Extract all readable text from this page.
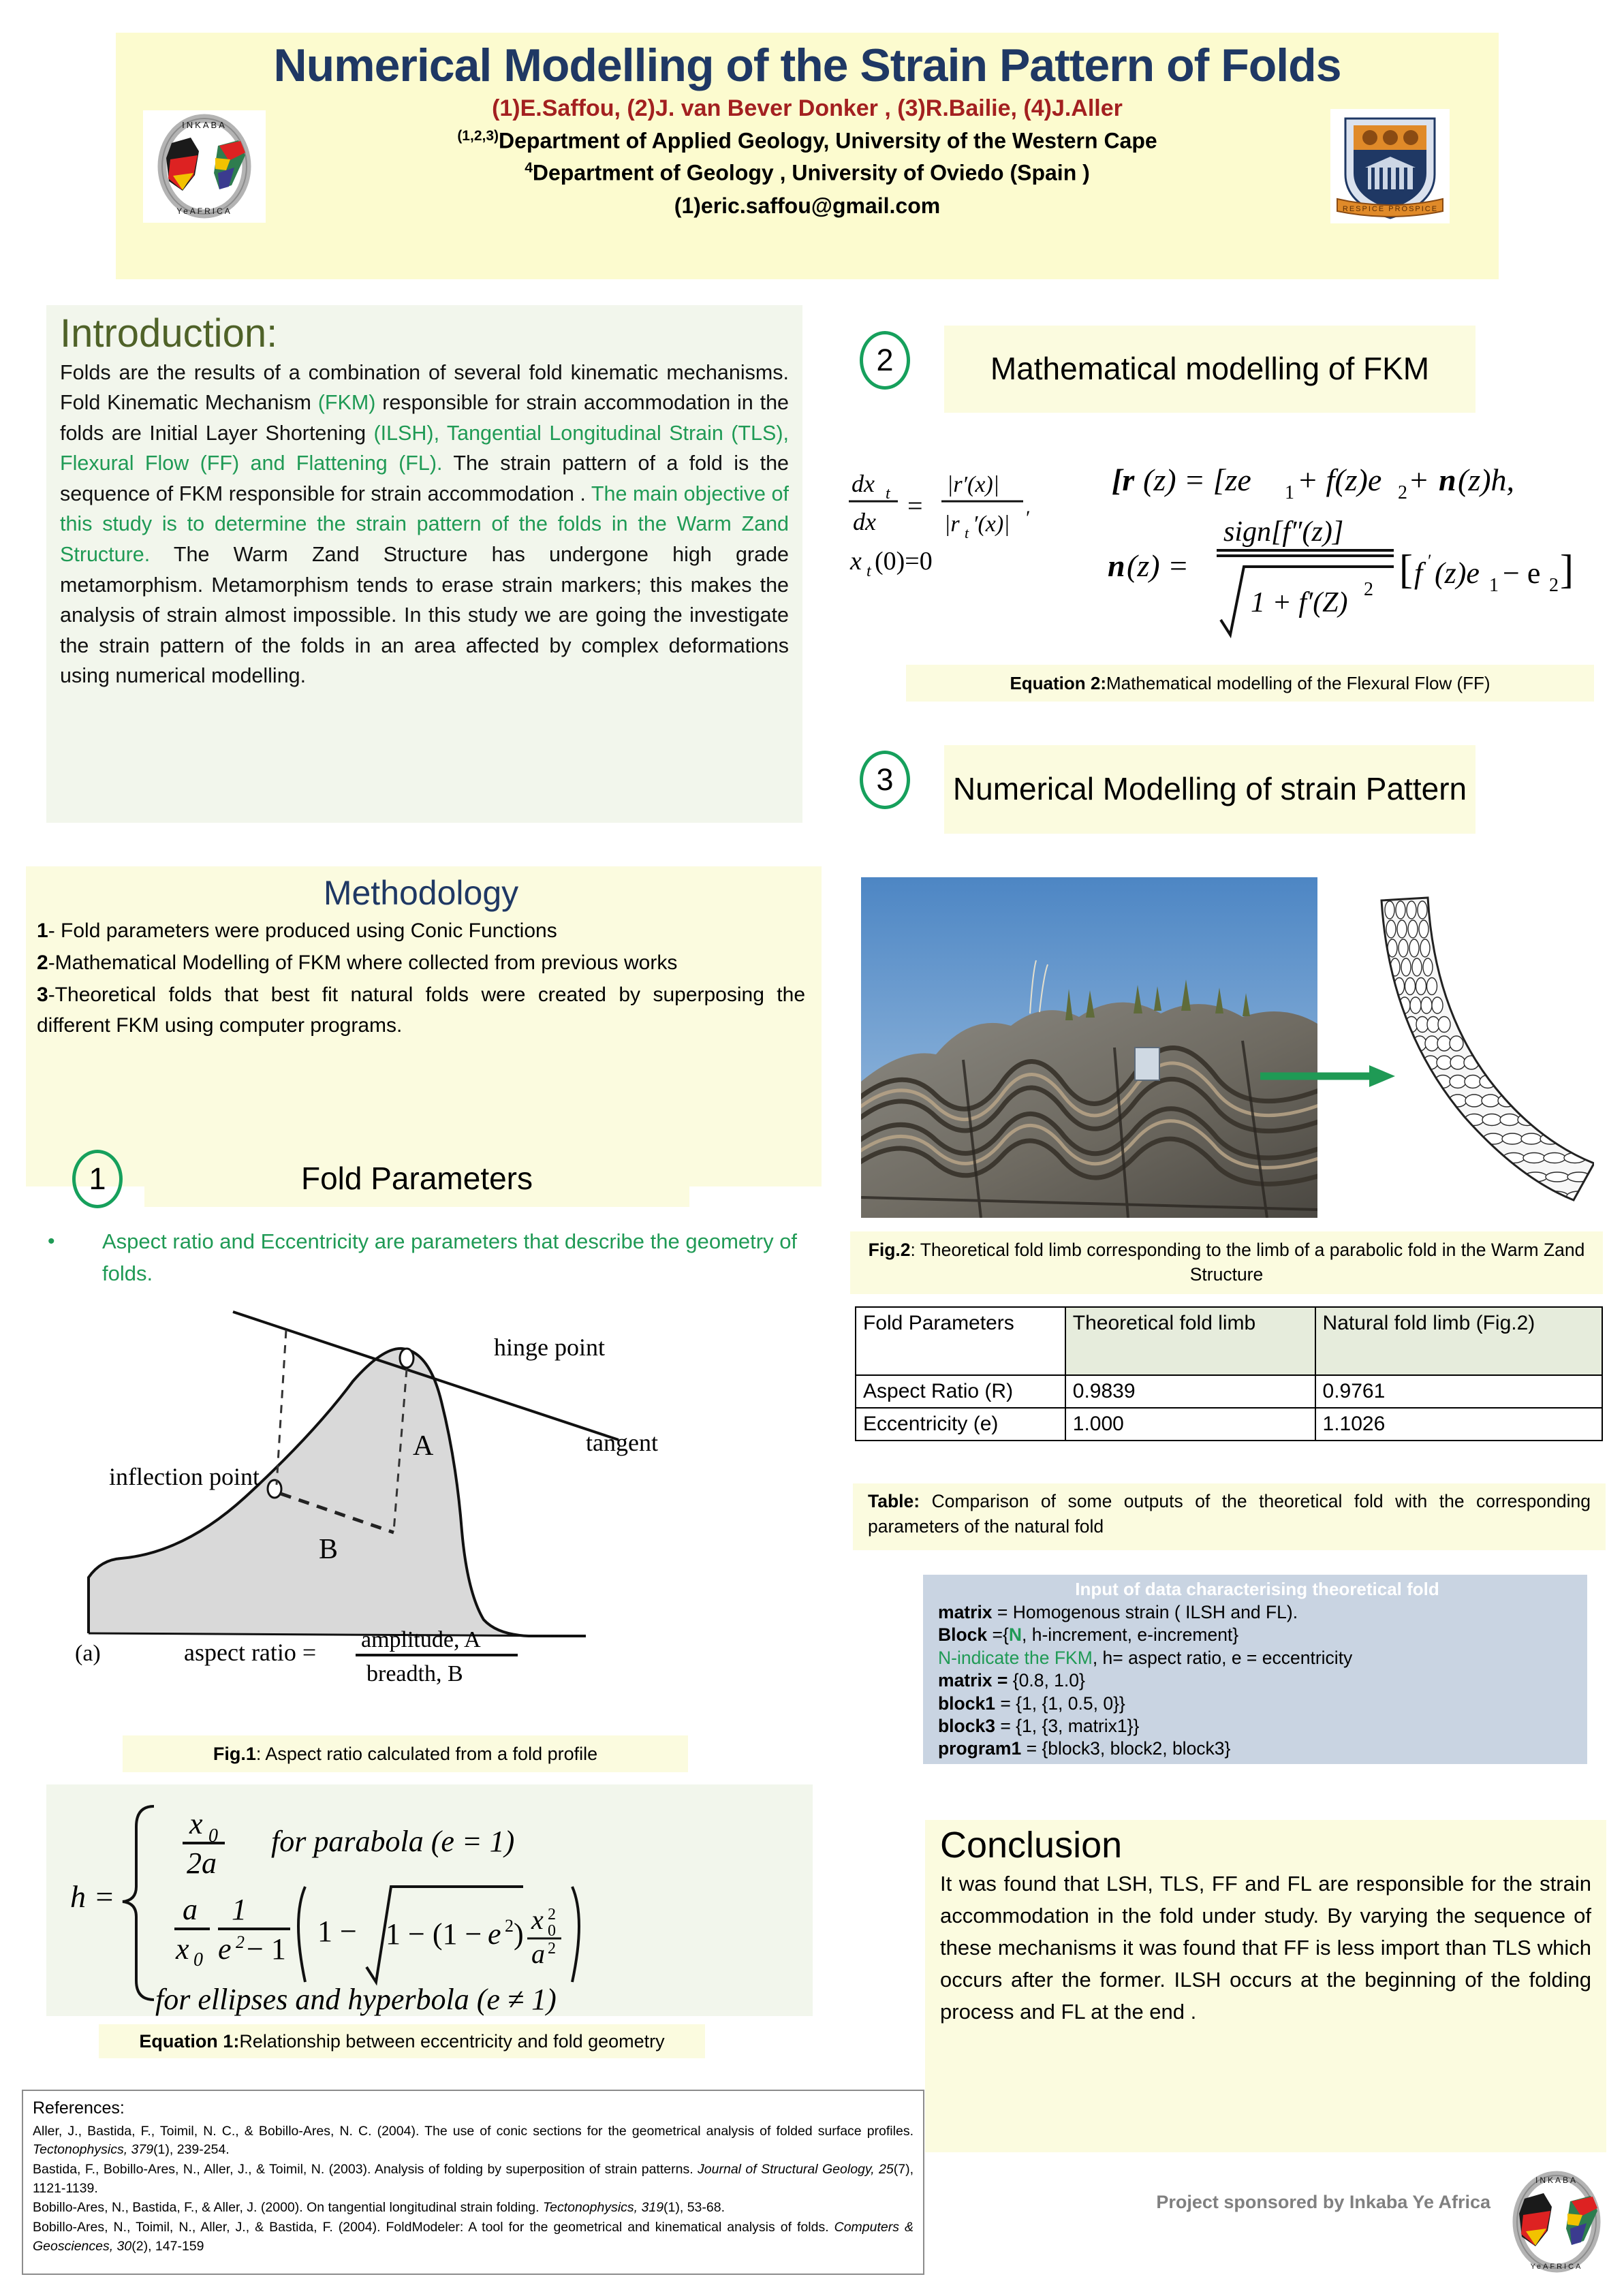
Numerical Modelling of the Strain Pattern of Folds

(1)E.Saffou, (2)J. van Bever Donker , (3)R.Bailie, (4)J.Aller

$^{(1,2,3)}$Department of Applied Geology, University of the Western Cape

$^4$Department of Geology , University of Oviedo (Spain )

(1)eric.saffou@gmail.com

INKABA
YeAFRICA	RESPICE PROSPICE
Introduction:

Folds are the results of a combination of several fold kinematic mechanisms. Fold Kinematic Mechanism (FKM) responsible for strain accommodation in the folds are Initial Layer Shortening (ILSH), Tangential Longitudinal Strain (TLS), Flexural Flow (FF) and Flattening (FL). The strain pattern of a fold is the sequence of FKM responsible for strain accommodation . The main objective of this study is to determine the strain pattern of the folds in the Warm Zand Structure. The Warm Zand Structure has undergone high grade metamorphism. Metamorphism tends to erase strain markers; this makes the analysis of strain almost impossible. In this study we are going the investigate the strain pattern of the folds in an area affected by complex deformations using numerical modelling.

Methodology

1- Fold parameters were produced using Conic Functions

2-Mathematical Modelling of FKM where collected from previous works

3-Theoretical folds that best fit natural folds were created by superposing the different FKM using computer programs.

1	Fold Parameters
• Aspect ratio and Eccentricity are parameters that describe the geometry of folds.
hinge point
tangent
inflection point
A
B
(a)	aspect ratio = amplitude, A
breadth, B
Fig.1 : Aspect ratio calculated from a fold profile
h =
x 0
2a
for parabola (e = 1)
a
x 0
1
e 2 − 1
1 − 1 − (1 − e 2 ) x 2
0
a 2
for ellipses and hyperbola (e ≠ 1)
Equation 1: Relationship between eccentricity and fold geometry
References:

Aller, J., Bastida, F., Toimil, N. C., & Bobillo-Ares, N. C. (2004). The use of conic sections for the geometrical analysis of folded surface profiles. Tectonophysics, 379(1), 239-254.

Bastida, F., Bobillo-Ares, N., Aller, J., & Toimil, N. (2003). Analysis of folding by superposition of strain patterns. Journal of Structural Geology, 25(7), 1121-1139.

Bobillo-Ares, N., Bastida, F., & Aller, J. (2000). On tangential longitudinal strain folding. Tectonophysics, 319(1), 53-68.

Bobillo-Ares, N., Toimil, N., Aller, J., & Bastida, F. (2004). FoldModeler: A tool for the geometrical and kinematical analysis of folds. Computers & Geosciences, 30(2), 147-159

2	Mathematical modelling of FKM
dx t
dx
=
|r′(x)|
|r t ′(x)| ′
x t (0)=0
[r (z) = [ze 1 + f(z)e 2 + n (z)h,
n (z) =
sign[f″(z)]
1 + f′(Z) 2 [ f ′ (z)e 1 − e 2 ]
Equation 2: Mathematical modelling of the Flexural Flow (FF)
3	Numerical Modelling of strain Pattern
Fig.2: Theoretical fold limb corresponding to the limb of a parabolic fold in the Warm Zand Structure
Fold Parameters	Theoretical fold limb	Natural fold limb (Fig.2)
Aspect Ratio (R)	0.9839	0.9761
Eccentricity (e)	1.000	1.1026
Table: Comparison of some outputs of the theoretical fold with the corresponding parameters of the natural fold
Input of data characterising theoretical fold

matrix = Homogenous strain ( ILSH and FL).

Block ={N, h-increment, e-increment}

N-indicate the FKM, h= aspect ratio, e = eccentricity

matrix = {0.8, 1.0}

block1 = {1, {1, 0.5, 0}}

block3 = {1, {3, matrix1}}

program1 = {block3, block2, block3}

Conclusion

It was found that LSH, TLS, FF and FL are responsible for the strain accommodation in the fold under study. By varying the sequence of these mechanisms it was found that FF is less import than TLS which occurs after the former. ILSH occurs at the beginning of the folding process and FL at the end .

Project sponsored by Inkaba Ye Africa
INKABA
YeAFRICA
